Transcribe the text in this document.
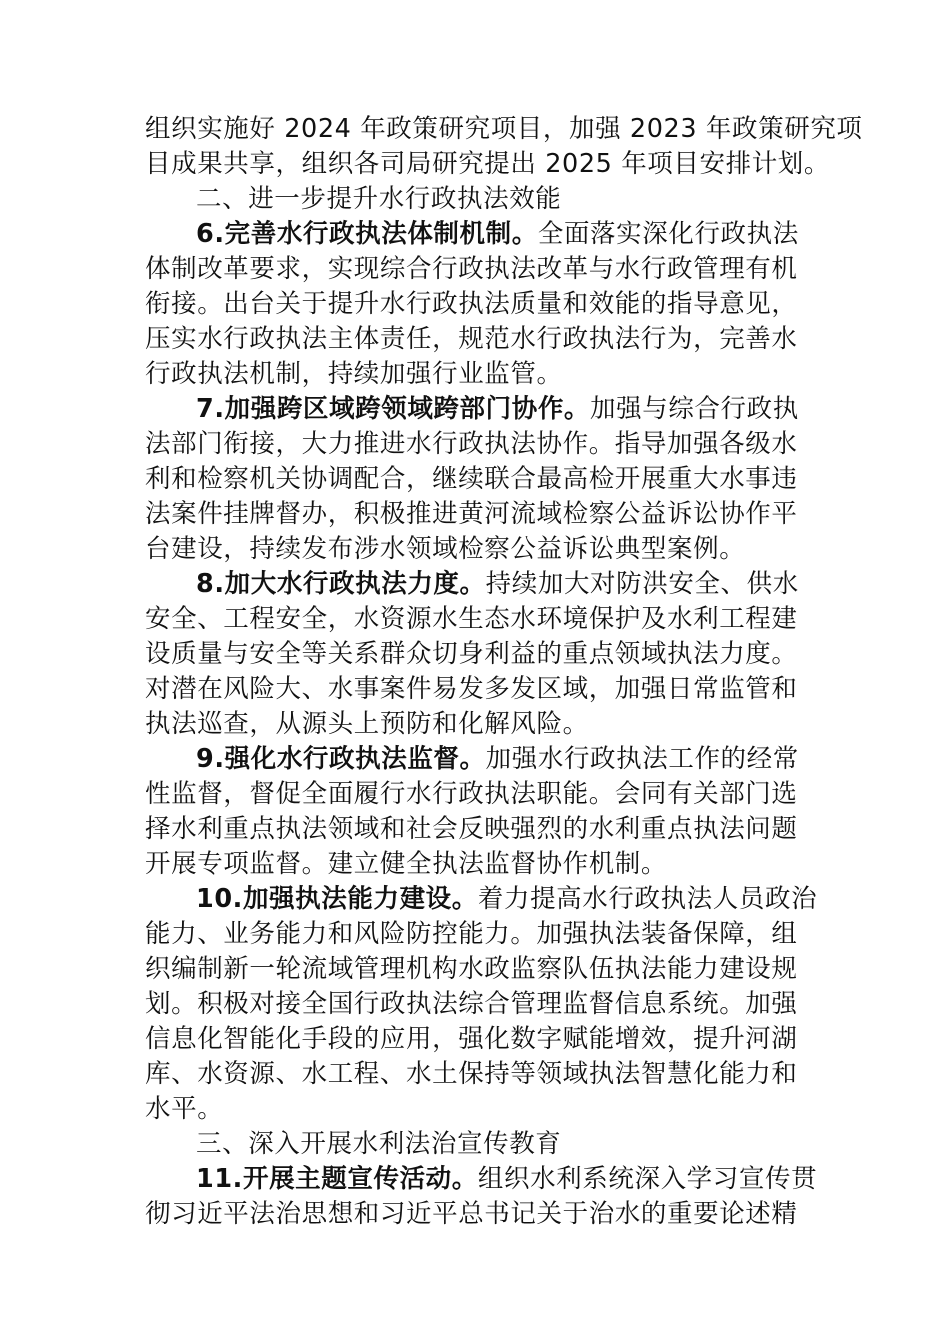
组织实施好 2024 年政策研究项目，加强 2023 年政策研究项
目成果共享，组织各司局研究提出 2025 年项目安排计划。
二、进一步提升水行政执法效能
6.完善水行政执法体制机制。全面落实深化行政执法
体制改革要求，实现综合行政执法改革与水行政管理有机
衔接。出台关于提升水行政执法质量和效能的指导意见，
压实水行政执法主体责任，规范水行政执法行为，完善水
行政执法机制，持续加强行业监管。
7.加强跨区域跨领域跨部门协作。加强与综合行政执
法部门衔接，大力推进水行政执法协作。指导加强各级水
利和检察机关协调配合，继续联合最高检开展重大水事违
法案件挂牌督办，积极推进黄河流域检察公益诉讼协作平
台建设，持续发布涉水领域检察公益诉讼典型案例。
8.加大水行政执法力度。持续加大对防洪安全、供水
安全、工程安全，水资源水生态水环境保护及水利工程建
设质量与安全等关系群众切身利益的重点领域执法力度。
对潜在风险大、水事案件易发多发区域，加强日常监管和
执法巡查，从源头上预防和化解风险。
9.强化水行政执法监督。加强水行政执法工作的经常
性监督，督促全面履行水行政执法职能。会同有关部门选
择水利重点执法领域和社会反映强烈的水利重点执法问题
开展专项监督。建立健全执法监督协作机制。
10.加强执法能力建设。着力提高水行政执法人员政治
能力、业务能力和风险防控能力。加强执法装备保障，组
织编制新一轮流域管理机构水政监察队伍执法能力建设规
划。积极对接全国行政执法综合管理监督信息系统。加强
信息化智能化手段的应用，强化数字赋能增效，提升河湖
库、水资源、水工程、水土保持等领域执法智慧化能力和
水平。
三、深入开展水利法治宣传教育
11.开展主题宣传活动。组织水利系统深入学习宣传贯
彻习近平法治思想和习近平总书记关于治水的重要论述精
